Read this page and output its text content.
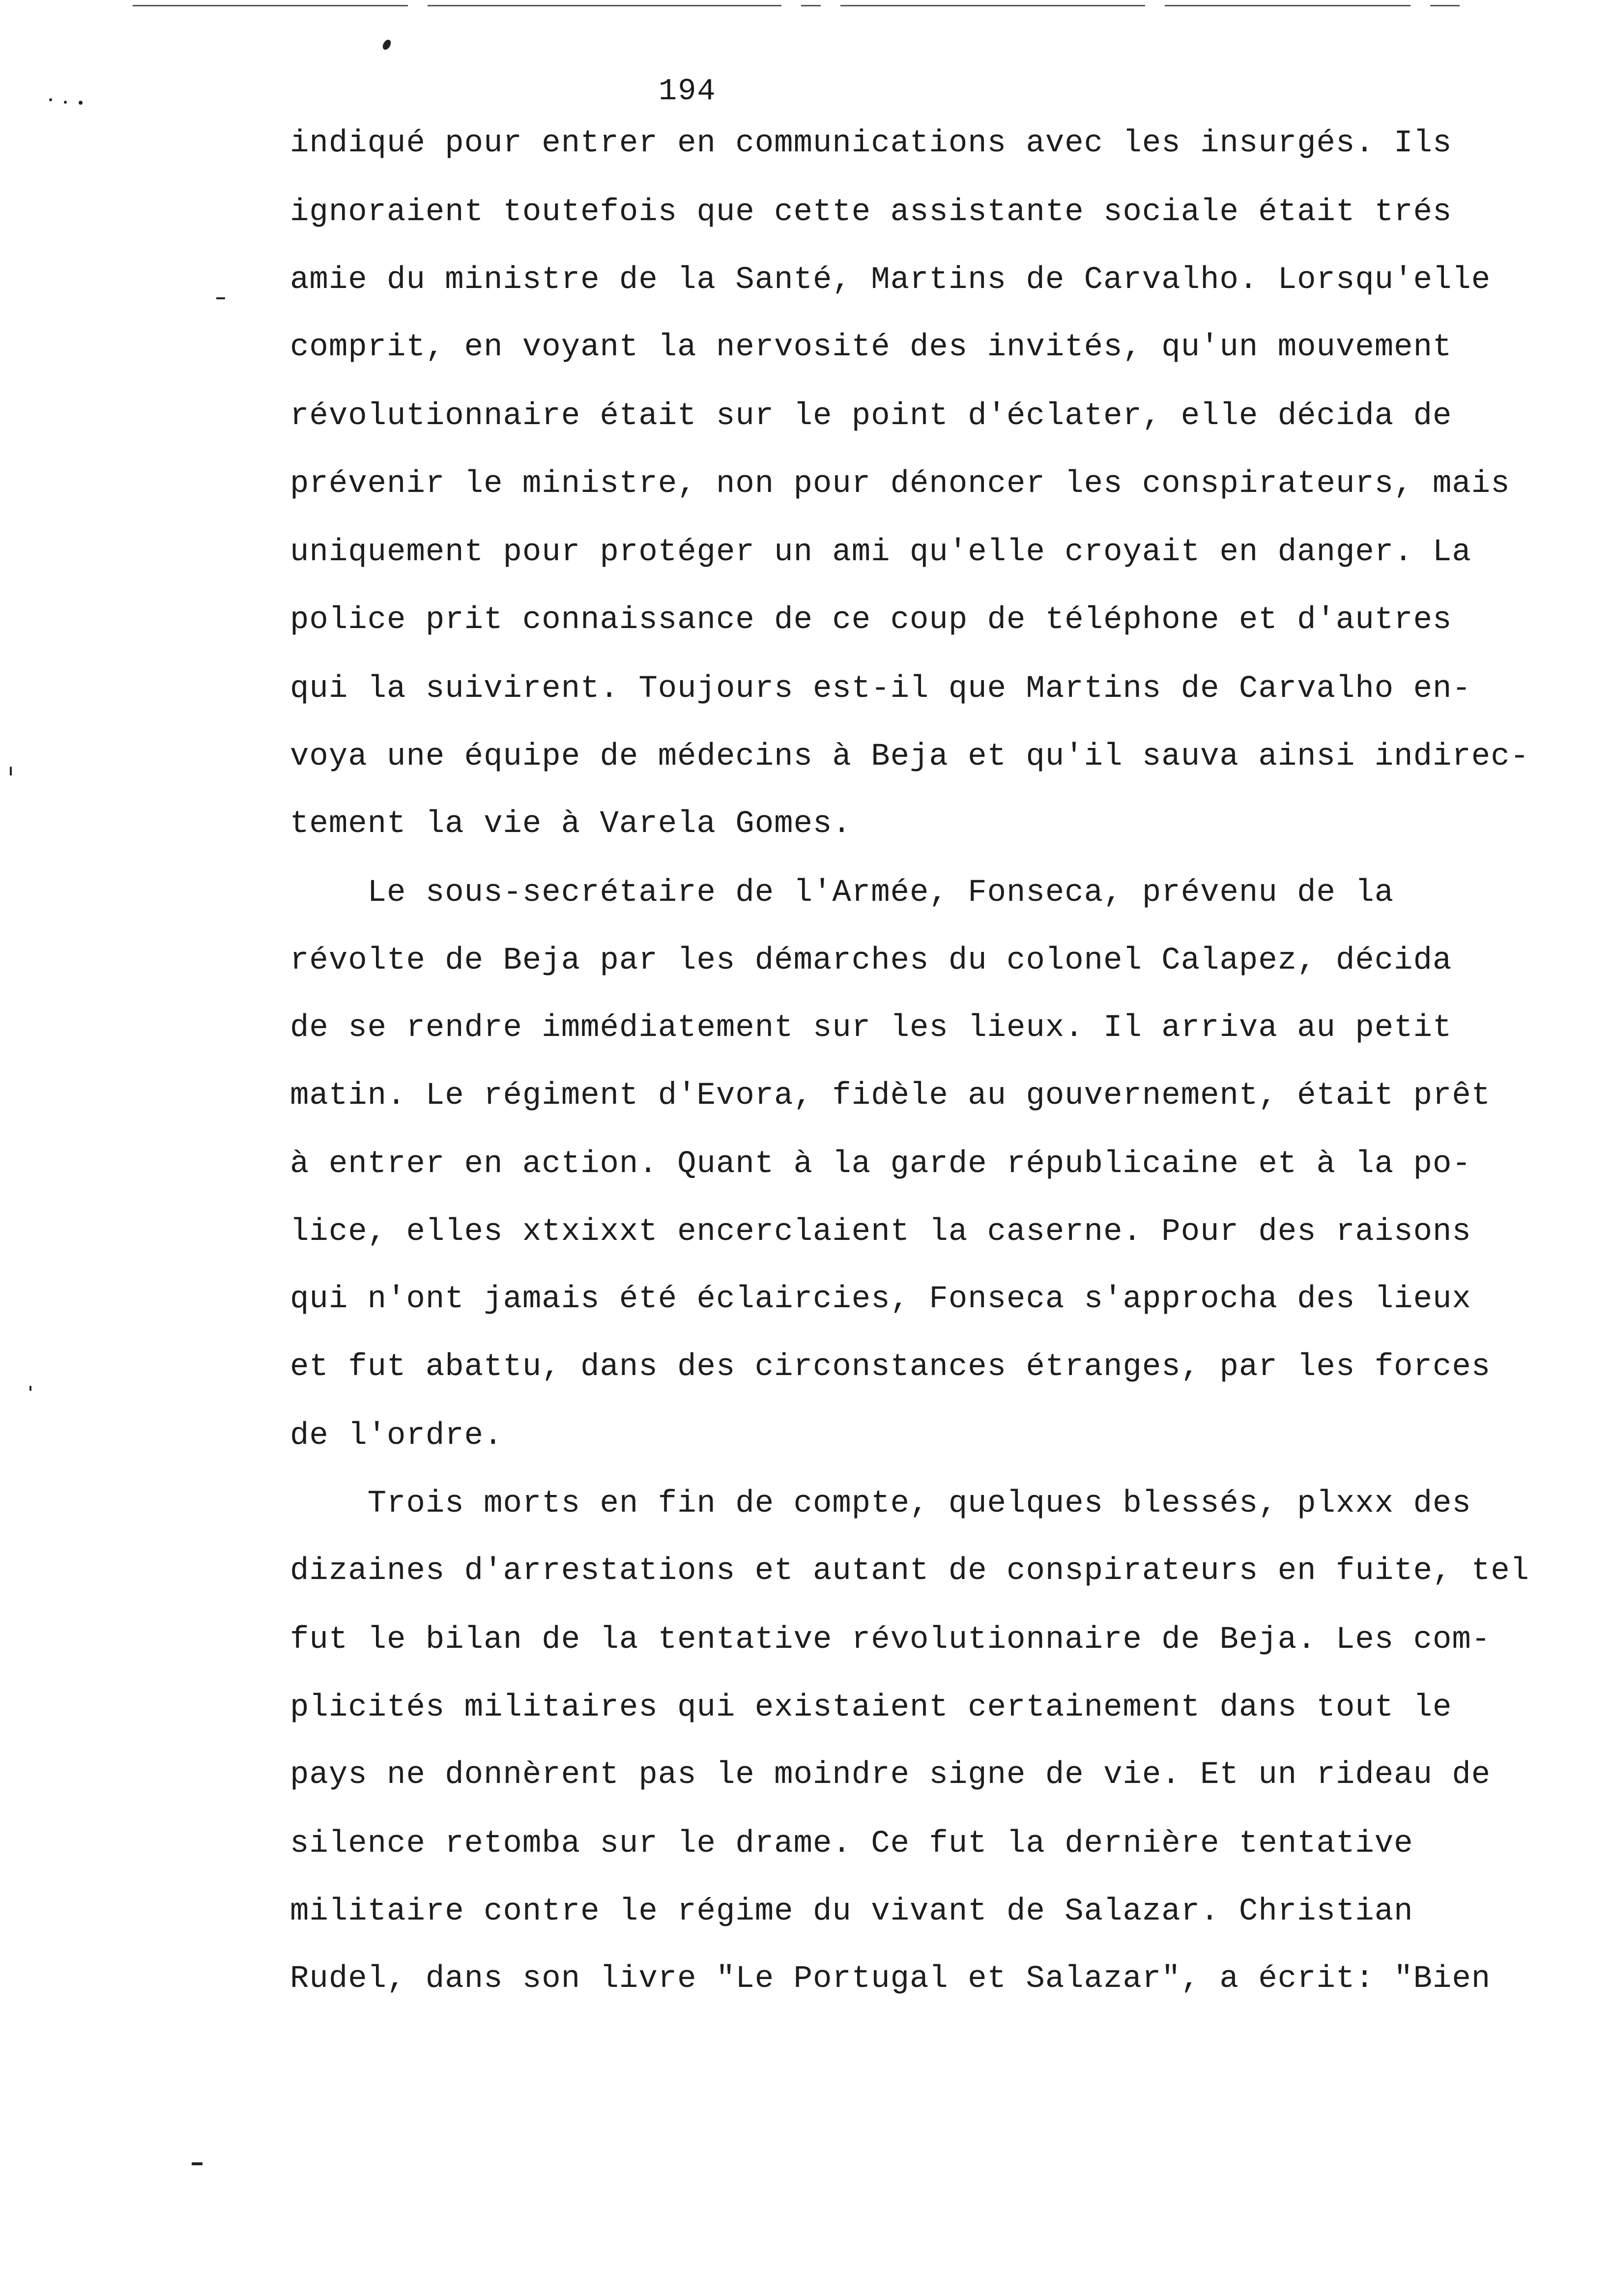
194
indiqué pour entrer en communications avec les insurgés. Ils
ignoraient toutefois que cette assistante sociale était trés
amie du ministre de la Santé, Martins de Carvalho. Lorsqu'elle
comprit, en voyant la nervosité des invités, qu'un mouvement
révolutionnaire était sur le point d'éclater, elle décida de
prévenir le ministre, non pour dénoncer les conspirateurs, mais
uniquement pour protéger un ami qu'elle croyait en danger. La
police prit connaissance de ce coup de téléphone et d'autres
qui la suivirent. Toujours est-il que Martins de Carvalho en-
voya une équipe de médecins à Beja et qu'il sauva ainsi indirec-
tement la vie à Varela Gomes.
Le sous-secrétaire de l'Armée, Fonseca, prévenu de la
révolte de Beja par les démarches du colonel Calapez, décida
de se rendre immédiatement sur les lieux. Il arriva au petit
matin. Le régiment d'Evora, fidèle au gouvernement, était prêt
à entrer en action. Quant à la garde républicaine et à la po-
lice, elles xtxixxt encerclaient la caserne. Pour des raisons
qui n'ont jamais été éclaircies, Fonseca s'approcha des lieux
et fut abattu, dans des circonstances étranges, par les forces
de l'ordre.
Trois morts en fin de compte, quelques blessés, plxxx des
dizaines d'arrestations et autant de conspirateurs en fuite, tel
fut le bilan de la tentative révolutionnaire de Beja. Les com-
plicités militaires qui existaient certainement dans tout le
pays ne donnèrent pas le moindre signe de vie. Et un rideau de
silence retomba sur le drame. Ce fut la dernière tentative
militaire contre le régime du vivant de Salazar. Christian
Rudel, dans son livre "Le Portugal et Salazar", a écrit: "Bien
